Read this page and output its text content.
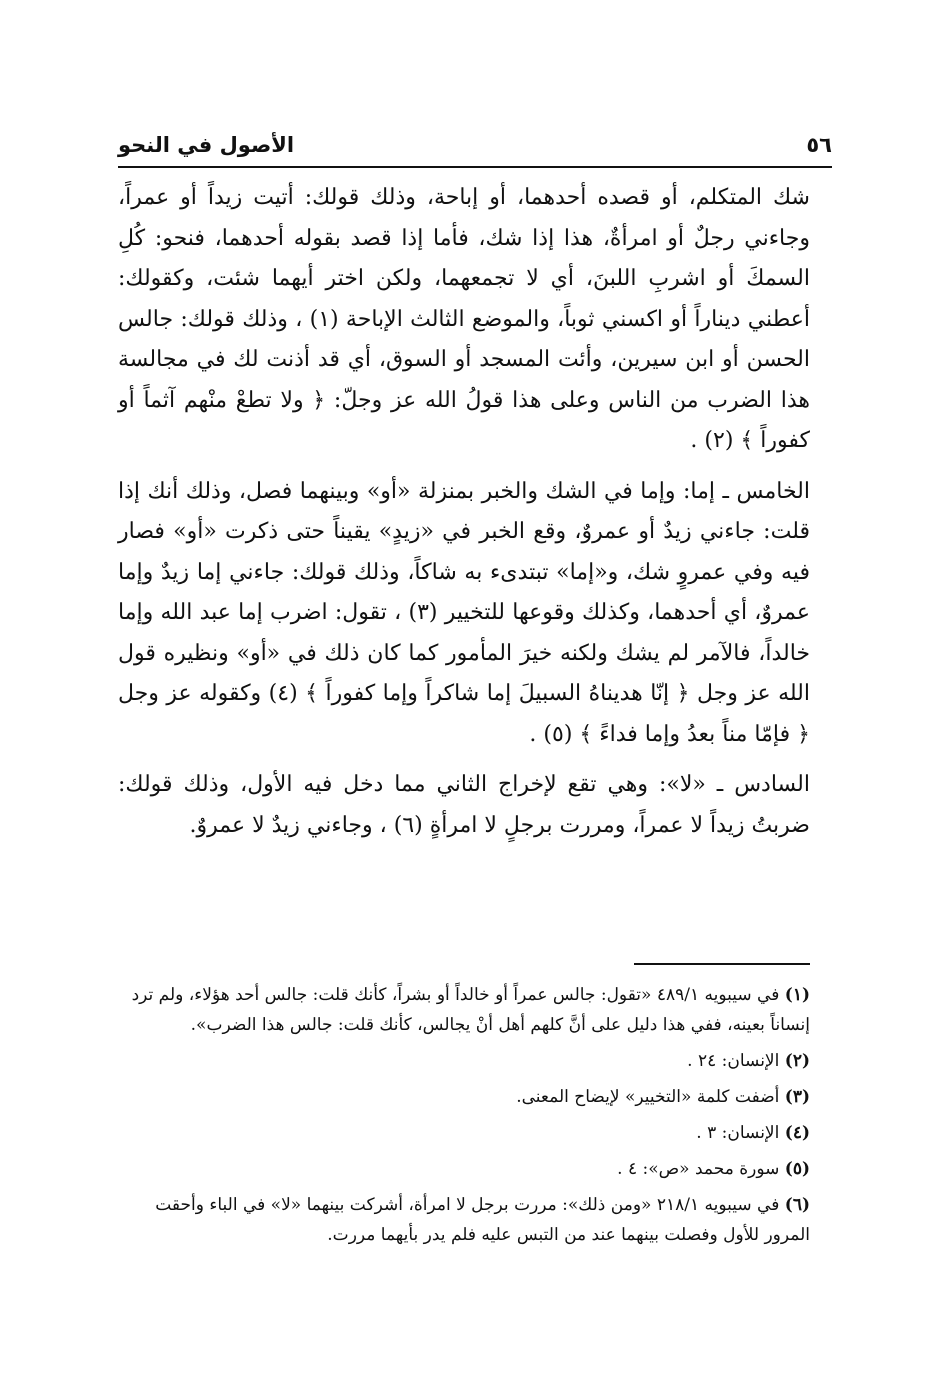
٥٦
الأصول في النحو

شك المتكلم، أو قصده أحدهما، أو إباحة، وذلك قولك: أتيت زيداً أو عمراً، وجاءني رجلٌ أو امرأةٌ، هذا إذا شك، فأما إذا قصد بقوله أحدهما، فنحو: كُلِ السمكَ أو اشربِ اللبنَ، أي لا تجمعهما، ولكن اختر أيهما شئت، وكقولك: أعطني ديناراً أو اكسني ثوباً، والموضع الثالث الإباحة (١) ، وذلك قولك: جالس الحسن أو ابن سيرين، وأئت المسجد أو السوق، أي قد أذنت لك في مجالسة هذا الضرب من الناس وعلى هذا قولُ الله عز وجلّ: ﴿ ولا تطعْ منْهم آثماً أو كفوراً ﴾ (٢) .

الخامس ـ إما: وإما في الشك والخبر بمنزلة «أو» وبينهما فصل، وذلك أنك إذا قلت: جاءني زيدٌ أو عمروٌ، وقع الخبر في «زيدٍ» يقيناً حتى ذكرت «أو» فصار فيه وفي عمروٍ شك، و«إما» تبتدىء به شاكاً، وذلك قولك: جاءني إما زيدٌ وإما عمروٌ، أي أحدهما، وكذلك وقوعها للتخيير (٣) ، تقول: اضرب إما عبد الله وإما خالداً، فالآمر لم يشك ولكنه خيرَ المأمور كما كان ذلك في «أو» ونظيره قول الله عز وجل ﴿ إنّا هديناهُ السبيلَ إما شاكراً وإما كفوراً ﴾ (٤) وكقوله عز وجل ﴿ فإمّا مناً بعدُ وإما فداءً ﴾ (٥) .

السادس ـ «لا»: وهي تقع لإخراج الثاني مما دخل فيه الأول، وذلك قولك: ضربتُ زيداً لا عمراً، ومررت برجلٍ لا امرأةٍ (٦) ، وجاءني زيدٌ لا عمروٌ.

(١) في سيبويه ٤٨٩/١ «تقول: جالس عمراً أو خالداً أو بشراً، كأنك قلت: جالس أحد هؤلاء، ولم ترد إنساناً بعينه، ففي هذا دليل على أنَّ كلهم أهل أنْ يجالس، كأنك قلت: جالس هذا الضرب».
(٢) الإنسان: ٢٤ .
(٣) أضفت كلمة «التخيير» لإيضاح المعنى.
(٤) الإنسان: ٣ .
(٥) سورة محمد «ص»: ٤ .
(٦) في سيبويه ٢١٨/١ «ومن ذلك»: مررت برجل لا امرأة، أشركت بينهما «لا» في الباء وأحقت المرور للأول وفصلت بينهما عند من التبس عليه فلم يدر بأيهما مررت.
